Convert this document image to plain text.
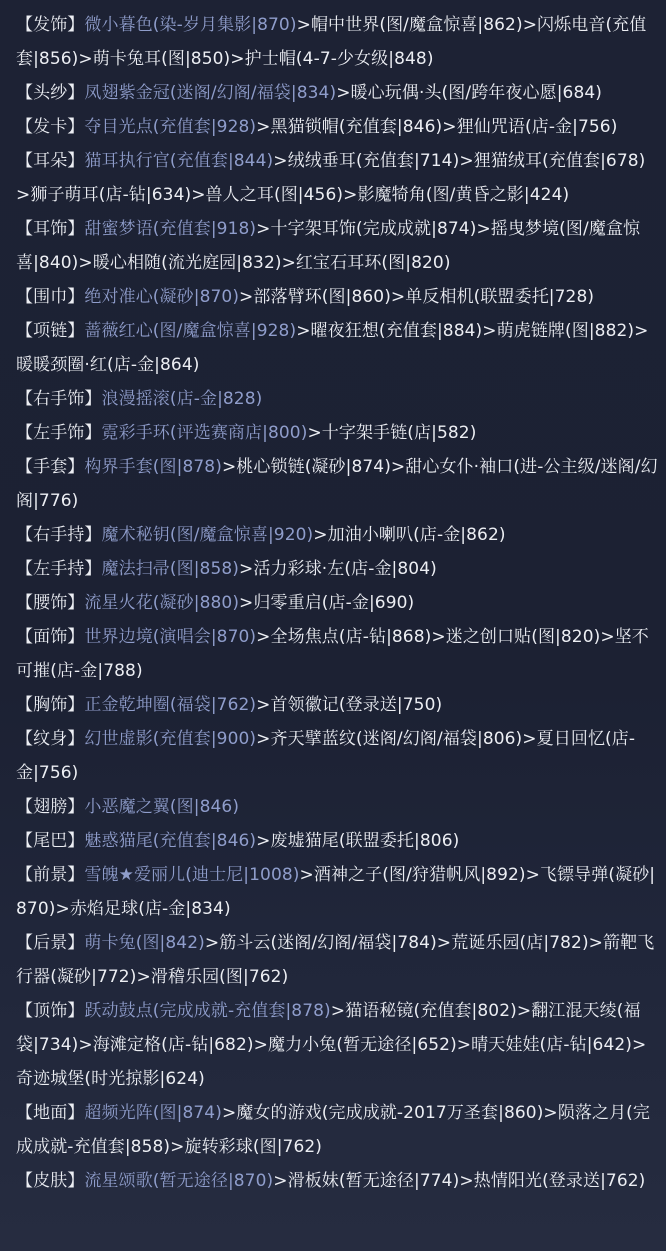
【发饰】微小暮色(染-岁月集影|870)>帽中世界(图/魔盒惊喜|862)>闪烁电音(充值套|856)>萌卡兔耳(图|850)>护士帽(4-7-少女级|848)

【头纱】凤翅紫金冠(迷阁/幻阁/福袋|834)>暖心玩偶·头(图/跨年夜心愿|684)

【发卡】夺目光点(充值套|928)>黑猫锁帽(充值套|846)>狸仙咒语(店-金|756)

【耳朵】猫耳执行官(充值套|844)>绒绒垂耳(充值套|714)>狸猫绒耳(充值套|678)>狮子萌耳(店-钻|634)>兽人之耳(图|456)>影魔犄角(图/黄昏之影|424)

【耳饰】甜蜜梦语(充值套|918)>十字架耳饰(完成成就|874)>摇曳梦境(图/魔盒惊喜|840)>暖心相随(流光庭园|832)>红宝石耳环(图|820)

【围巾】绝对准心(凝砂|870)>部落臂环(图|860)>单反相机(联盟委托|728)

【项链】蔷薇红心(图/魔盒惊喜|928)>曜夜狂想(充值套|884)>萌虎链牌(图|882)>暖暖颈圈·红(店-金|864)

【右手饰】浪漫摇滚(店-金|828)

【左手饰】霓彩手环(评选赛商店|800)>十字架手链(店|582)

【手套】构界手套(图|878)>桃心锁链(凝砂|874)>甜心女仆·袖口(进-公主级/迷阁/幻阁|776)

【右手持】魔术秘钥(图/魔盒惊喜|920)>加油小喇叭(店-金|862)

【左手持】魔法扫帚(图|858)>活力彩球·左(店-金|804)

【腰饰】流星火花(凝砂|880)>归零重启(店-金|690)

【面饰】世界边境(演唱会|870)>全场焦点(店-钻|868)>迷之创口贴(图|820)>坚不可摧(店-金|788)

【胸饰】正金乾坤圈(福袋|762)>首领徽记(登录送|750)

【纹身】幻世虚影(充值套|900)>齐天擘蓝纹(迷阁/幻阁/福袋|806)>夏日回忆(店-金|756)

【翅膀】小恶魔之翼(图|846)

【尾巴】魅惑猫尾(充值套|846)>废墟猫尾(联盟委托|806)

【前景】雪魄★爱丽儿(迪士尼|1008)>酒神之子(图/狩猎帆风|892)>飞镖导弹(凝砂|870)>赤焰足球(店-金|834)

【后景】萌卡兔(图|842)>筋斗云(迷阁/幻阁/福袋|784)>荒诞乐园(店|782)>箭靶飞行器(凝砂|772)>滑稽乐园(图|762)

【顶饰】跃动鼓点(完成成就-充值套|878)>猫语秘镜(充值套|802)>翻江混天绫(福袋|734)>海滩定格(店-钻|682)>魔力小兔(暂无途径|652)>晴天娃娃(店-钻|642)>奇迹城堡(时光掠影|624)

【地面】超频光阵(图|874)>魔女的游戏(完成成就-2017万圣套|860)>陨落之月(完成成就-充值套|858)>旋转彩球(图|762)

【皮肤】流星颂歌(暂无途径|870)>滑板妹(暂无途径|774)>热情阳光(登录送|762)
